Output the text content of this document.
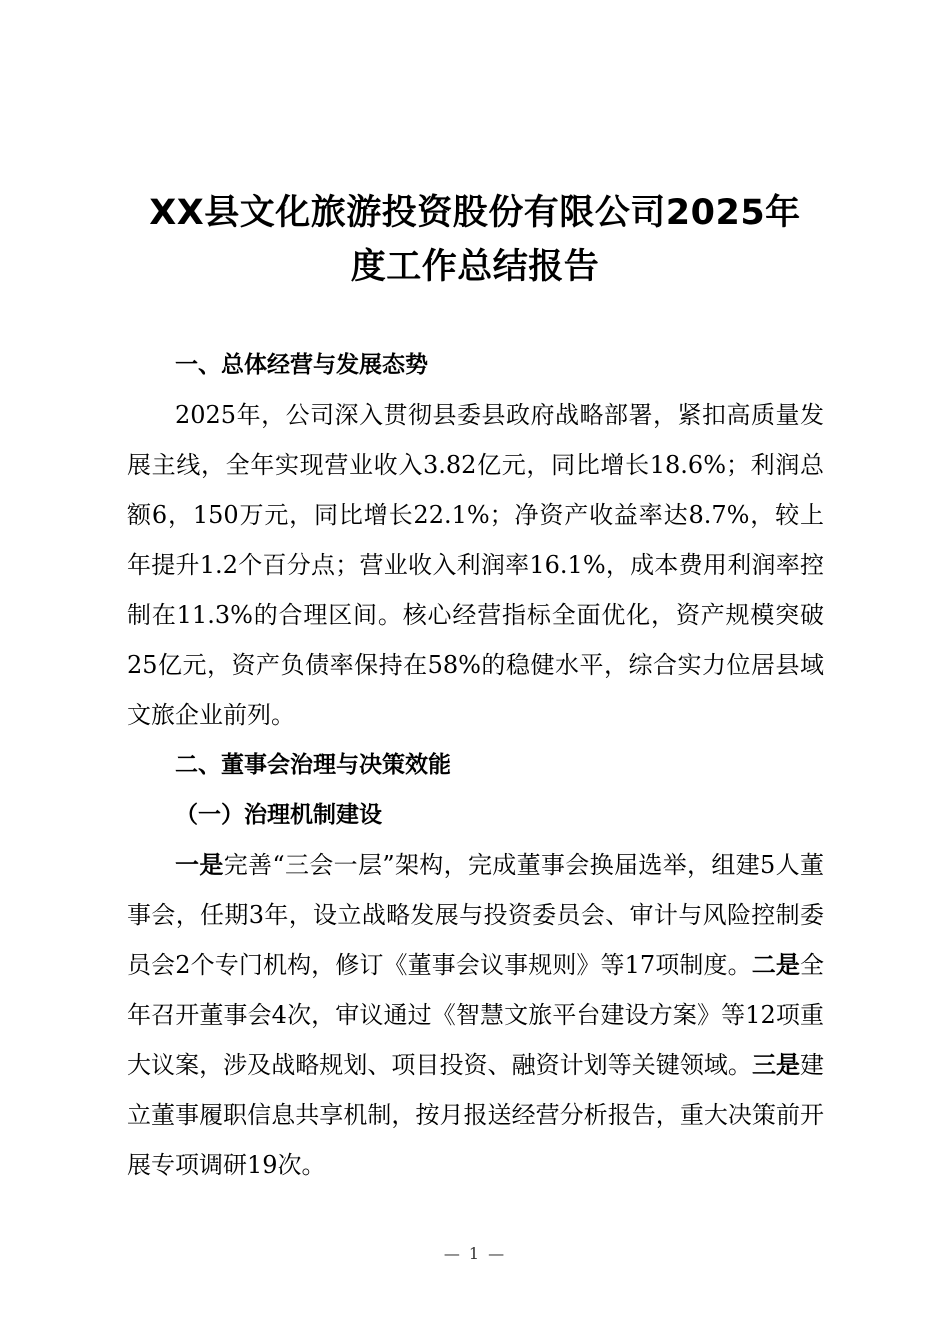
XX县文化旅游投资股份有限公司2025年
度工作总结报告

一、总体经营与发展态势

2025年，公司深入贯彻县委县政府战略部署，紧扣高质量发展主线，全年实现营业收入3.82亿元，同比增长18.6%；利润总额6，150万元，同比增长22.1%；净资产收益率达8.7%，较上年提升1.2个百分点；营业收入利润率16.1%，成本费用利润率控制在11.3%的合理区间。核心经营指标全面优化，资产规模突破25亿元，资产负债率保持在58%的稳健水平，综合实力位居县域文旅企业前列。

二、董事会治理与决策效能

（一）治理机制建设

一是完善“三会一层”架构，完成董事会换届选举，组建5人董事会，任期3年，设立战略发展与投资委员会、审计与风险控制委员会2个专门机构，修订《董事会议事规则》等17项制度。二是全年召开董事会4次，审议通过《智慧文旅平台建设方案》等12项重大议案，涉及战略规划、项目投资、融资计划等关键领域。三是建立董事履职信息共享机制，按月报送经营分析报告，重大决策前开展专项调研19次。

— 1 —
